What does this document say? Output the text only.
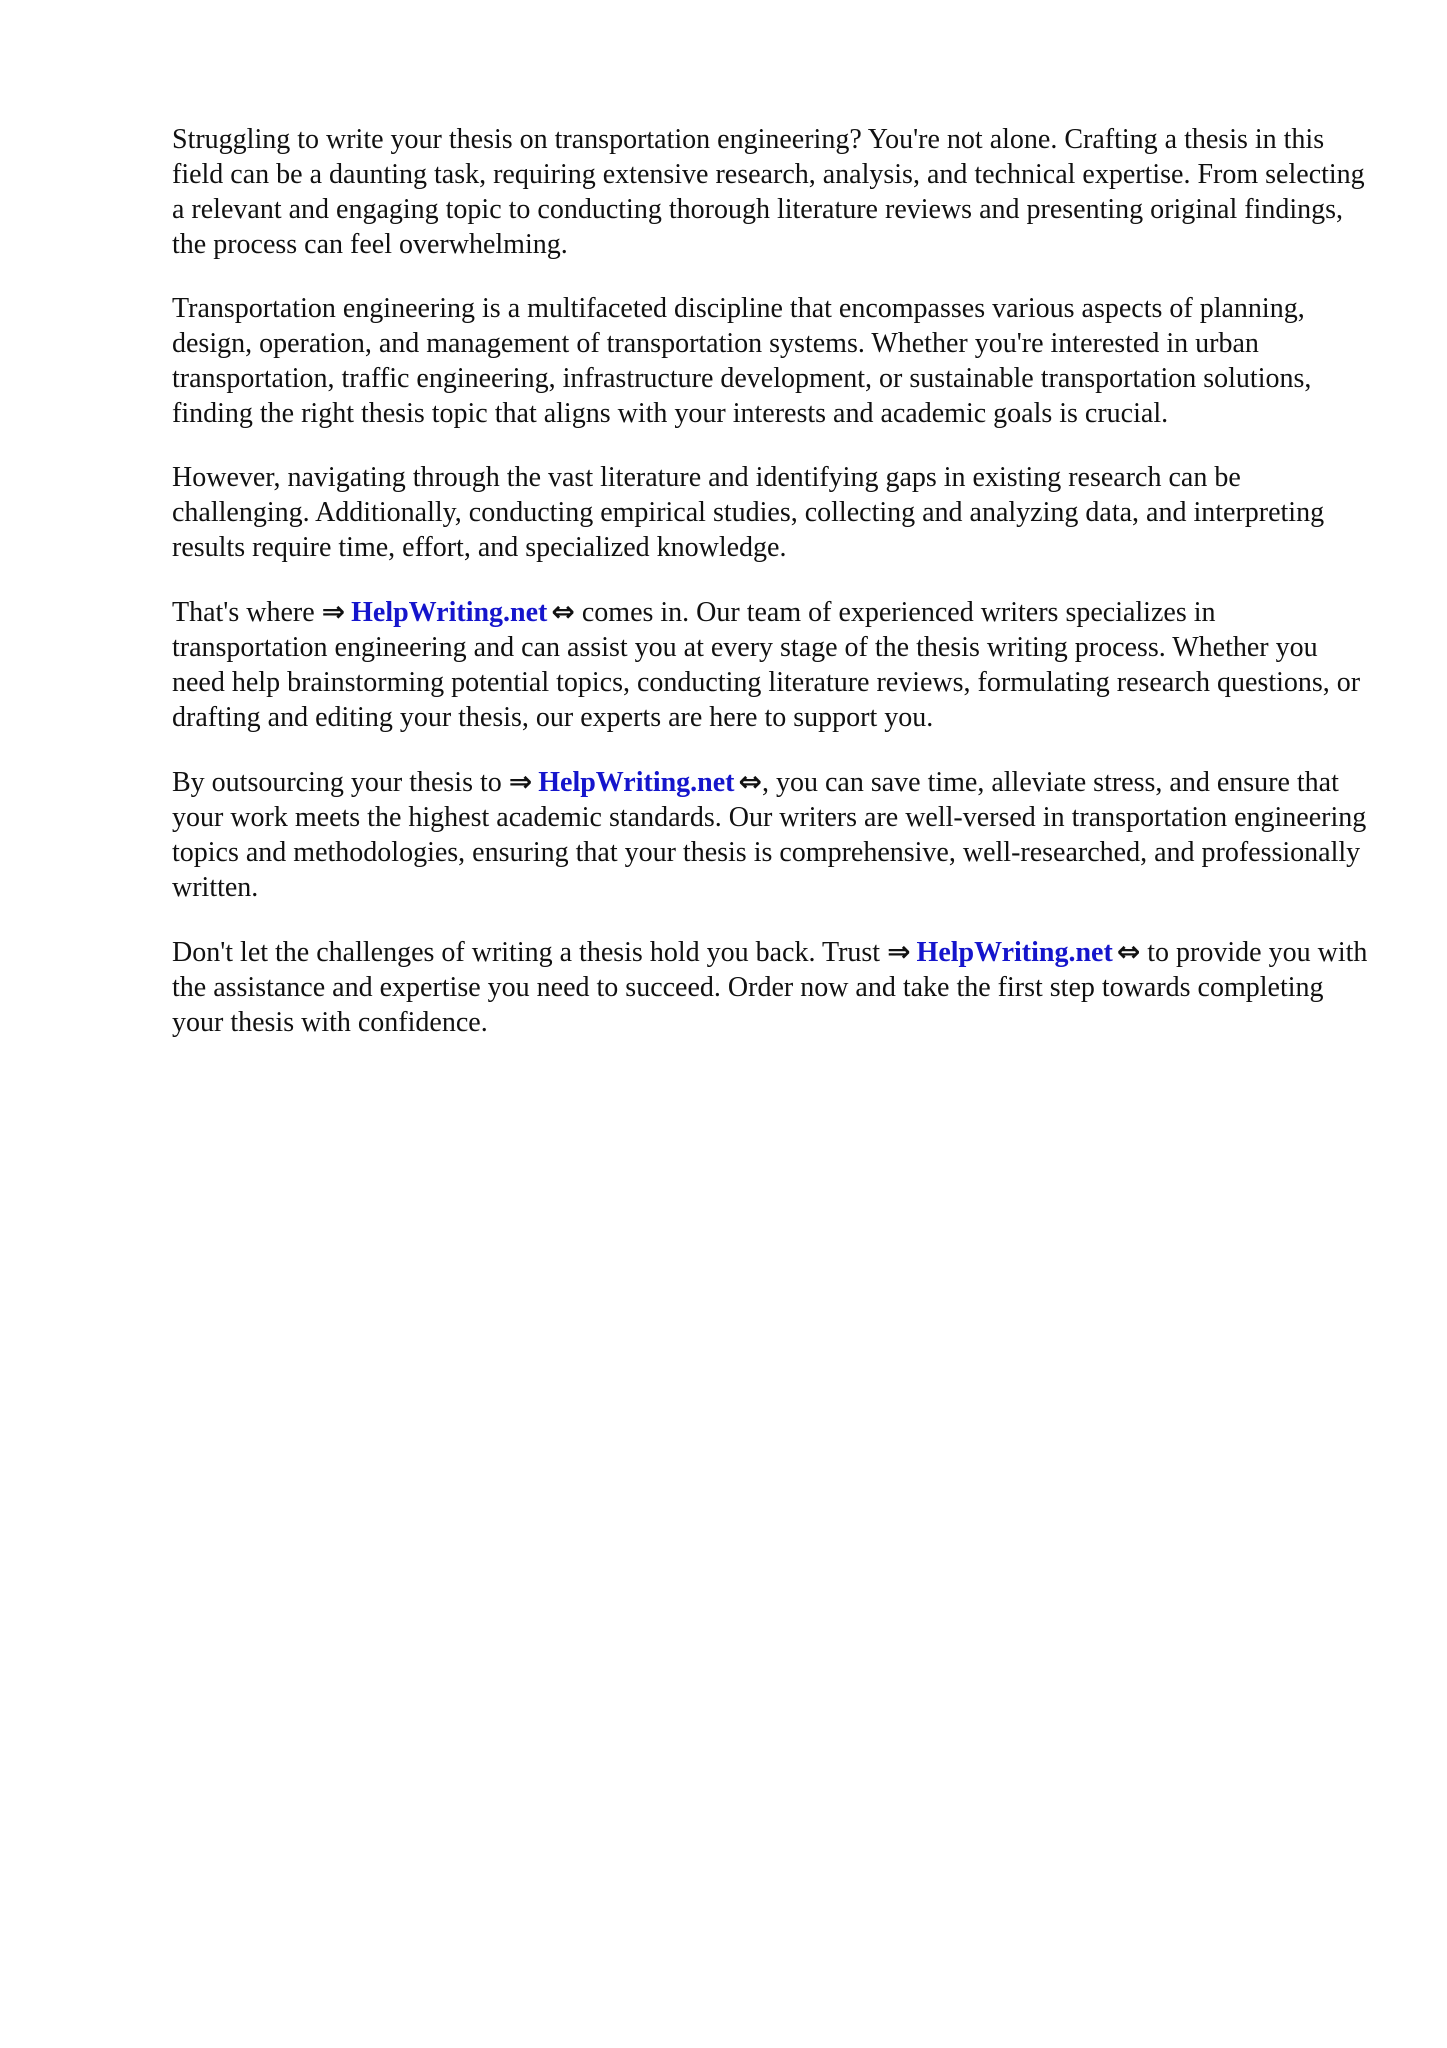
Struggling to write your thesis on transportation engineering? You're not alone. Crafting a thesis in this field can be a daunting task, requiring extensive research, analysis, and technical expertise. From selecting a relevant and engaging topic to conducting thorough literature reviews and presenting original findings, the process can feel overwhelming.

Transportation engineering is a multifaceted discipline that encompasses various aspects of planning, design, operation, and management of transportation systems. Whether you're interested in urban transportation, traffic engineering, infrastructure development, or sustainable transportation solutions, finding the right thesis topic that aligns with your interests and academic goals is crucial.

However, navigating through the vast literature and identifying gaps in existing research can be challenging. Additionally, conducting empirical studies, collecting and analyzing data, and interpreting results require time, effort, and specialized knowledge.

That's where ⇒ HelpWriting.net ⇔ comes in. Our team of experienced writers specializes in transportation engineering and can assist you at every stage of the thesis writing process. Whether you need help brainstorming potential topics, conducting literature reviews, formulating research questions, or drafting and editing your thesis, our experts are here to support you.

By outsourcing your thesis to ⇒ HelpWriting.net ⇔, you can save time, alleviate stress, and ensure that your work meets the highest academic standards. Our writers are well-versed in transportation engineering topics and methodologies, ensuring that your thesis is comprehensive, well-researched, and professionally written.

Don't let the challenges of writing a thesis hold you back. Trust ⇒ HelpWriting.net ⇔ to provide you with the assistance and expertise you need to succeed. Order now and take the first step towards completing your thesis with confidence.
